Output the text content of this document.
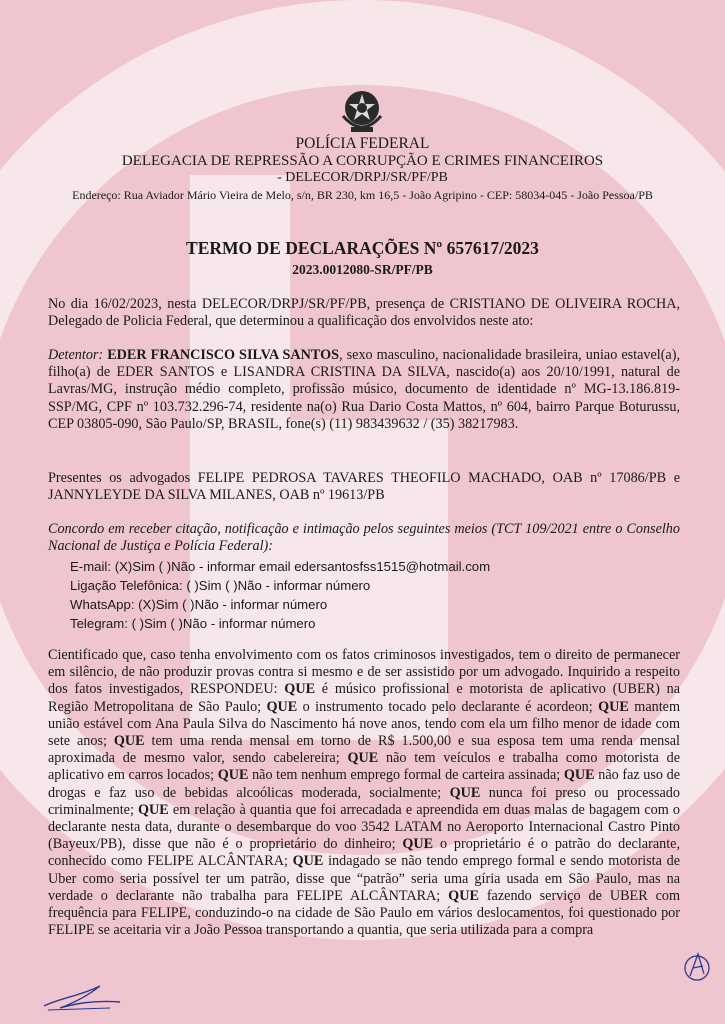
POLÍCIA FEDERAL
DELEGACIA DE REPRESSÃO A CORRUPÇÃO E CRIMES FINANCEIROS
- DELECOR/DRPJ/SR/PF/PB
Endereço: Rua Aviador Mário Vieira de Melo, s/n, BR 230, km 16,5 - João Agripino - CEP: 58034-045 - João Pessoa/PB
TERMO DE DECLARAÇÕES Nº 657617/2023
2023.0012080-SR/PF/PB
No dia 16/02/2023, nesta DELECOR/DRPJ/SR/PF/PB, presença de CRISTIANO DE OLIVEIRA ROCHA, Delegado de Policia Federal, que determinou a qualificação dos envolvidos neste ato:
Detentor: EDER FRANCISCO SILVA SANTOS, sexo masculino, nacionalidade brasileira, uniao estavel(a), filho(a) de EDER SANTOS e LISANDRA CRISTINA DA SILVA, nascido(a) aos 20/10/1991, natural de Lavras/MG, instrução médio completo, profissão músico, documento de identidade nº MG-13.186.819-SSP/MG, CPF nº 103.732.296-74, residente na(o) Rua Dario Costa Mattos, nº 604, bairro Parque Boturussu, CEP 03805-090, São Paulo/SP, BRASIL, fone(s) (11) 983439632 / (35) 38217983.
Presentes os advogados FELIPE PEDROSA TAVARES THEOFILO MACHADO, OAB nº 17086/PB e JANNYLEYDE DA SILVA MILANES, OAB nº 19613/PB
Concordo em receber citação, notificação e intimação pelos seguintes meios (TCT 109/2021 entre o Conselho Nacional de Justiça e Polícia Federal):
E-mail: (X)Sim ( )Não - informar email edersantosfss1515@hotmail.com
Ligação Telefônica: ( )Sim ( )Não - informar número
WhatsApp: (X)Sim ( )Não - informar número
Telegram: ( )Sim ( )Não - informar número
Cientificado que, caso tenha envolvimento com os fatos criminosos investigados, tem o direito de permanecer em silêncio, de não produzir provas contra si mesmo e de ser assistido por um advogado. Inquirido a respeito dos fatos investigados, RESPONDEU: QUE é músico profissional e motorista de aplicativo (UBER) na Região Metropolitana de São Paulo; QUE o instrumento tocado pelo declarante é acordeon; QUE mantem união estável com Ana Paula Silva do Nascimento há nove anos, tendo com ela um filho menor de idade com sete anos; QUE tem uma renda mensal em torno de R$ 1.500,00 e sua esposa tem uma renda mensal aproximada de mesmo valor, sendo cabelereira; QUE não tem veículos e trabalha como motorista de aplicativo em carros locados; QUE não tem nenhum emprego formal de carteira assinada; QUE não faz uso de drogas e faz uso de bebidas alcoólicas moderada, socialmente; QUE nunca foi preso ou processado criminalmente; QUE em relação à quantia que foi arrecadada e apreendida em duas malas de bagagem com o declarante nesta data, durante o desembarque do voo 3542 LATAM no Aeroporto Internacional Castro Pinto (Bayeux/PB), disse que não é o proprietário do dinheiro; QUE o proprietário é o patrão do declarante, conhecido como FELIPE ALCÂNTARA; QUE indagado se não tendo emprego formal e sendo motorista de Uber como seria possível ter um patrão, disse que “patrão” seria uma gíria usada em São Paulo, mas na verdade o declarante não trabalha para FELIPE ALCÂNTARA; QUE fazendo serviço de UBER com frequência para FELIPE, conduzindo-o na cidade de São Paulo em vários deslocamentos, foi questionado por FELIPE se aceitaria vir a João Pessoa transportando a quantia, que seria utilizada para a compra
